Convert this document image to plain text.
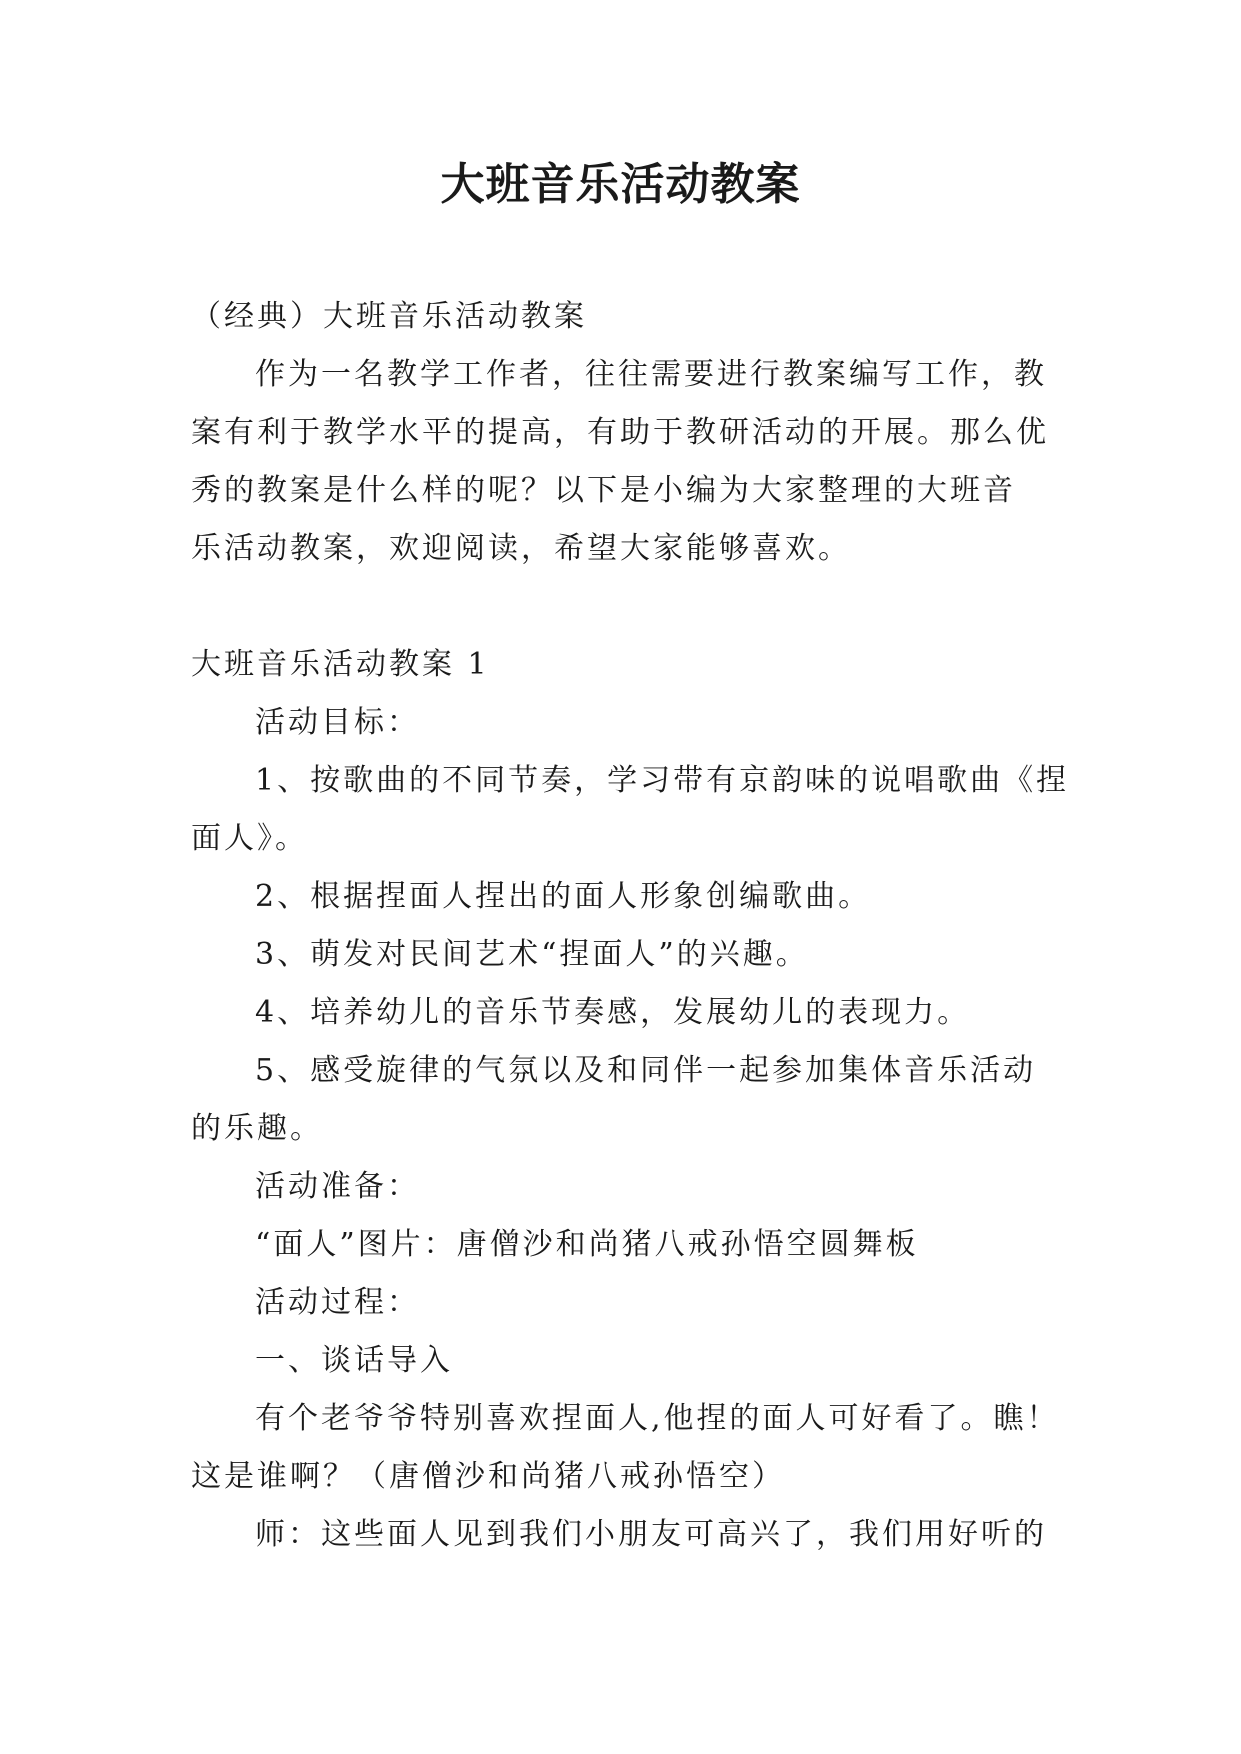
大班音乐活动教案

（经典）大班音乐活动教案

作为一名教学工作者，往往需要进行教案编写工作，教

案有利于教学水平的提高，有助于教研活动的开展。那么优

秀的教案是什么样的呢？以下是小编为大家整理的大班音

乐活动教案，欢迎阅读，希望大家能够喜欢。

大班音乐活动教案 1

活动目标：

1、按歌曲的不同节奏，学习带有京韵味的说唱歌曲《捏

面人》。

2、根据捏面人捏出的面人形象创编歌曲。

3、萌发对民间艺术“捏面人”的兴趣。

4、培养幼儿的音乐节奏感，发展幼儿的表现力。

5、感受旋律的气氛以及和同伴一起参加集体音乐活动

的乐趣。

活动准备：

“面人”图片：唐僧沙和尚猪八戒孙悟空圆舞板

活动过程：

一、谈话导入

有个老爷爷特别喜欢捏面人,他捏的面人可好看了。瞧！

这是谁啊？（唐僧沙和尚猪八戒孙悟空）

师：这些面人见到我们小朋友可高兴了，我们用好听的
